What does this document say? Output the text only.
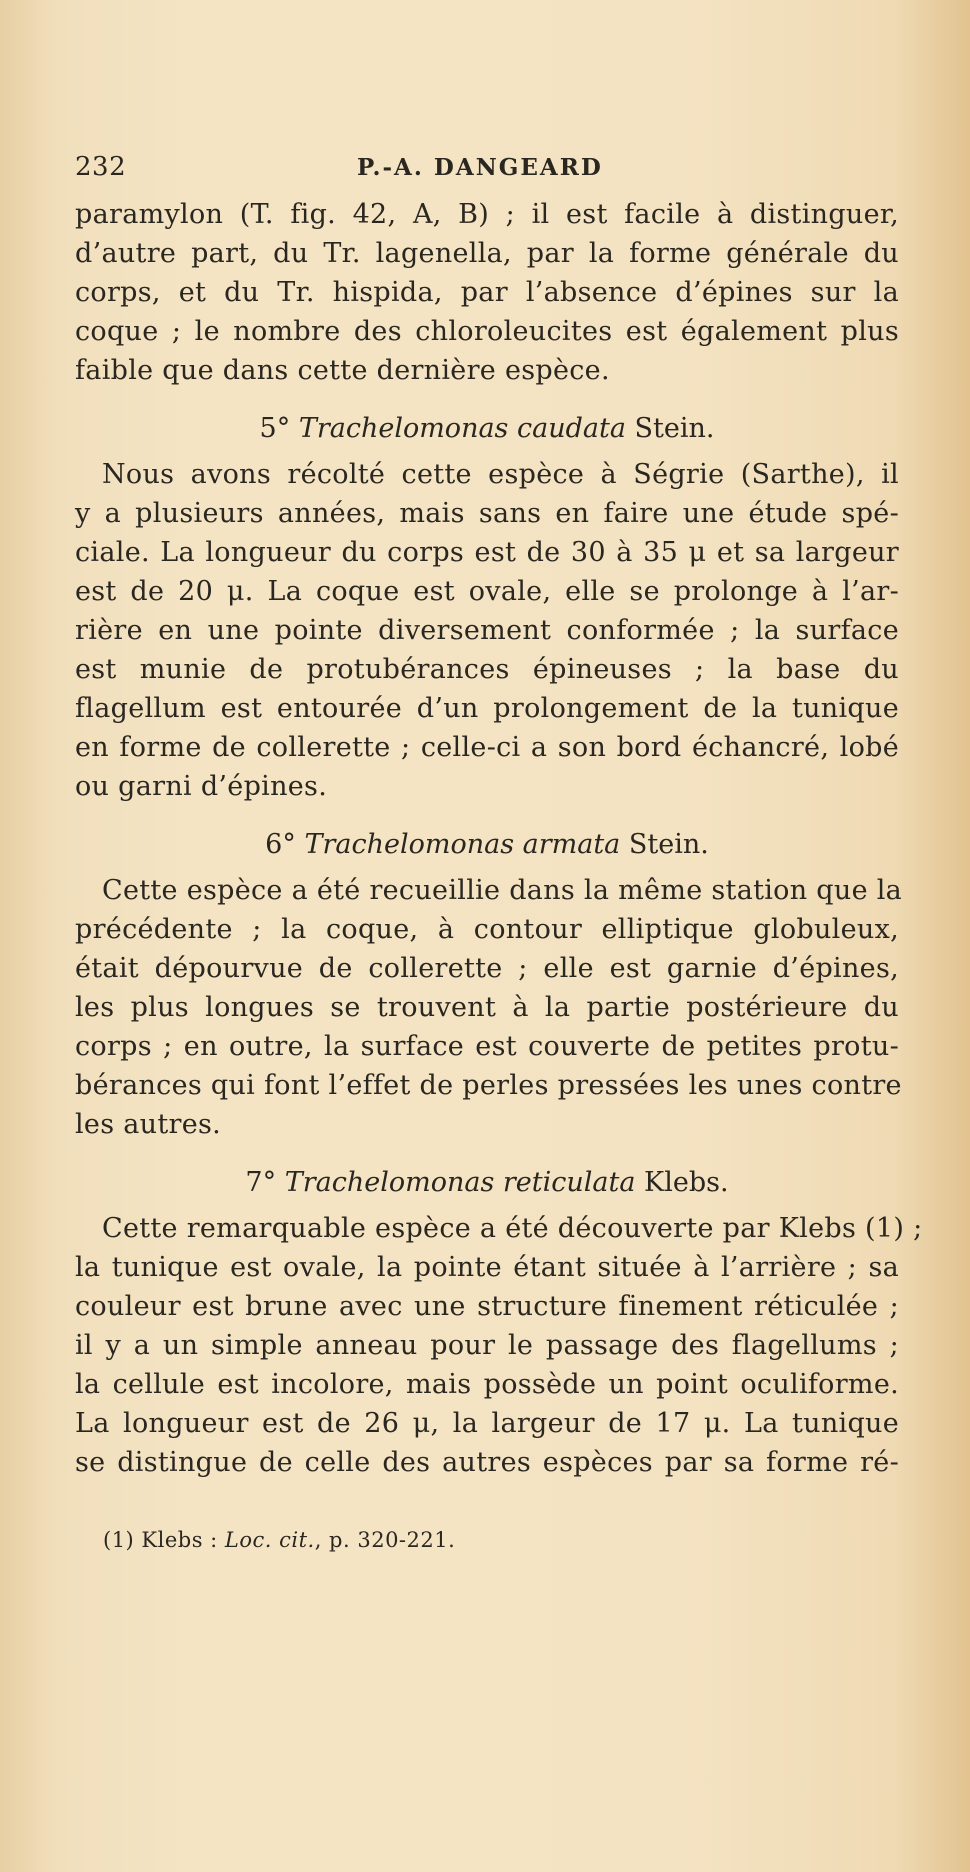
232	P.-A. DANGEARD
paramylon (T. fig. 42, A, B) ; il est facile à distinguer,
d’autre part, du Tr. lagenella, par la forme générale du
corps, et du Tr. hispida, par l’absence d’épines sur la
coque ; le nombre des chloroleucites est également plus
faible que dans cette dernière espèce.
5° Trachelomonas caudata Stein.
Nous avons récolté cette espèce à Ségrie (Sarthe), il
y a plusieurs années, mais sans en faire une étude spé-
ciale. La longueur du corps est de 30 à 35 μ et sa largeur
est de 20 μ. La coque est ovale, elle se prolonge à l’ar-
rière en une pointe diversement conformée ; la surface
est munie de protubérances épineuses ; la base du
flagellum est entourée d’un prolongement de la tunique
en forme de collerette ; celle-ci a son bord échancré, lobé
ou garni d’épines.
6° Trachelomonas armata Stein.
Cette espèce a été recueillie dans la même station que la
précédente ; la coque, à contour elliptique globuleux,
était dépourvue de collerette ; elle est garnie d’épines,
les plus longues se trouvent à la partie postérieure du
corps ; en outre, la surface est couverte de petites protu-
bérances qui font l’effet de perles pressées les unes contre
les autres.
7° Trachelomonas reticulata Klebs.
Cette remarquable espèce a été découverte par Klebs (1) ;
la tunique est ovale, la pointe étant située à l’arrière ; sa
couleur est brune avec une structure finement réticulée ;
il y a un simple anneau pour le passage des flagellums ;
la cellule est incolore, mais possède un point oculiforme.
La longueur est de 26 μ, la largeur de 17 μ. La tunique
se distingue de celle des autres espèces par sa forme ré-
(1) Klebs : Loc. cit., p. 320-221.
